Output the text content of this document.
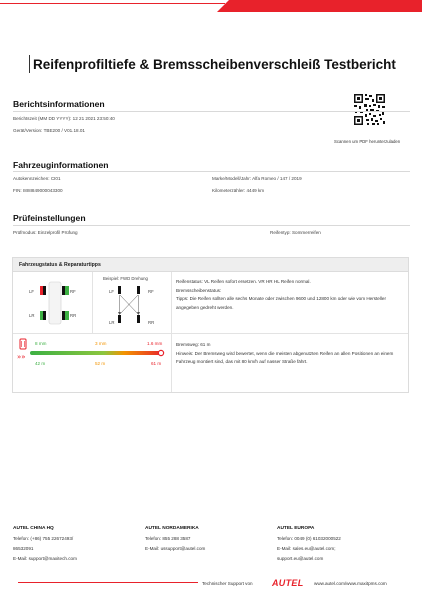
Reifenprofiltiefe & Bremsscheibenverschleiß Testbericht
Scannen um PDF herunterzuladen
Berichtsinformationen
Berichtszeit (MM DD YYYY): 12 21 2021 23:50:40
Gerät/Version: TBE200 / V01.18.01
Fahrzeuginformationen
Autokennzeichen: CI01	Marke/Modell/Jahr: Alfa Romeo / 147 / 2019
FIN: I8I8I849000043300	Kilometerzähler: 4449 km
Prüfeinstellungen
Prüfmodus: Einzelprofil Prüfung	Reifentyp: Sommerreifen
Fahrzeugstatus & Reparaturtipps
LF	RF
LR	RR
Beispiel: FWD Drehung
LF	RF
LR	RR
Reifenstatus: VL Reifen sofort ersetzen. VR HR HL Reifen normal.
Bremsscheibenstatus:
Tipps: Die Reifen sollten alle sechs Monate oder zwischen 9600 und 12800 km oder wie vom Hersteller angegeben gedreht werden.
8 mm	3 mm	1.6 mm
»»
42 m	52 m	61 m
Bremsweg: 61 m
Hinweis: Der Bremsweg wird bewertet, wenn die meisten abgenutzten Reifen an allen Positionen an einem Fahrzeug montiert sind, das mit 80 km/h auf nasser Straße fährt.
AUTEL CHINA HQ
Telefon: (+86) 755 22672493/
86532091
E-Mail: support@maxitech.com
AUTEL NORDAMERIKA
Telefon: 855 288 3587
E-Mail: ussupport@autel.com
AUTEL EUROPA
Telefon: 0049 (0) 61032000522
E-Mail: sales.eu@autel.com;
support.eu@autel.com
Technischer Support von AUTEL www.autel.com/www.maxitpms.com
